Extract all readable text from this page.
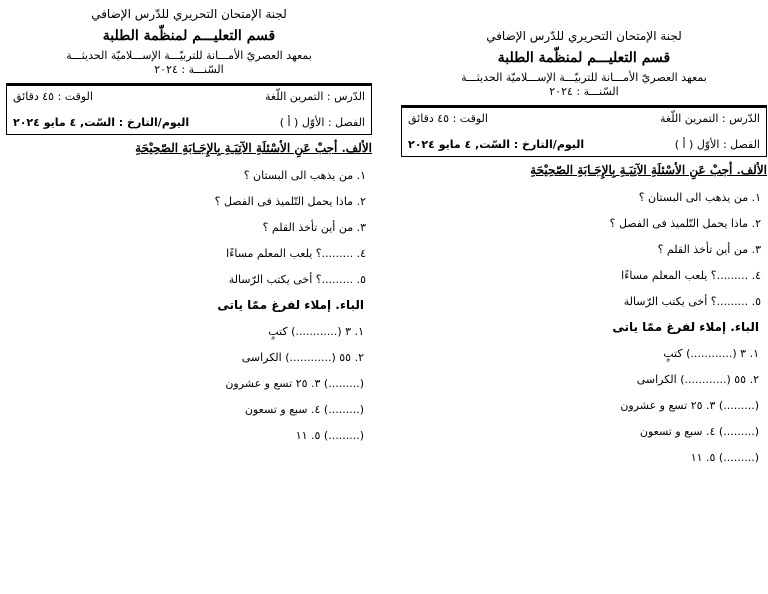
لجنة الإمتحان التحريري للدّرس الإضافي
قسم التعليـــم لمنظّمة الطلبة
بمعهد العصريّ الأمـــانة للتربيّـــة الإســـلاميّة الحديثـــة
السّنـــة : ٢٠٢٤
الدّرس : التمرين اللّغة
الوقت : ٤٥ دقائق
الفصل : الأوّل ( أ )
اليوم/التارخ : السّت, ٤ مايو ٢٠٢٤
الألف. أجبْ عَنِ الأسْئلَةِ الآتِيَـةِ بِالإِجَـابَةِ الصّحِيْحَةِ
١. من يذهب الى البستان ؟
٢. ماذا يحمل التّلميذ فى الفصل ؟
٣. من أين تأخذ القلم ؟
٤. .........؟ يلعب المعلم مساءًا
٥. .........؟ أخى يكتب الرّسالة
الباء. إملاء لفرغ ممّا ياتى
١. ٣ (............) كتبٍ
٢. ٥٥ (............) الكراسى
(.........) ٣. ٢٥ تسع و عشرون
(.........) ٤. سبع و تسعون
(.........) ٥. ١١
لجنة الإمتحان التحريري للدّرس الإضافي
قسم التعليـــم لمنظّمة الطلبة
بمعهد العصريّ الأمـــانة للتربيّـــة الإســـلاميّة الحديثـــة
السّنـــة : ٢٠٢٤
الدّرس : التمرين اللّغة
الوقت : ٤٥ دقائق
الفصل : الأوّل ( أ )
اليوم/التارخ : السّت, ٤ مايو ٢٠٢٤
الألف. أجبْ عَنِ الأسْئلَةِ الآتِيَـةِ بِالإِجَـابَةِ الصّحِيْحَةِ
١. من يذهب الى البستان ؟
٢. ماذا يحمل التّلميذ فى الفصل ؟
٣. من أين تأخذ القلم ؟
٤. .........؟ يلعب المعلم مساءًا
٥. .........؟ أخى يكتب الرّسالة
الباء. إملاء لفرغ ممّا ياتى
١. ٣ (............) كتبٍ
٢. ٥٥ (............) الكراسى
(.........) ٣. ٢٥ تسع و عشرون
(.........) ٤. سبع و تسعون
(.........) ٥. ١١
